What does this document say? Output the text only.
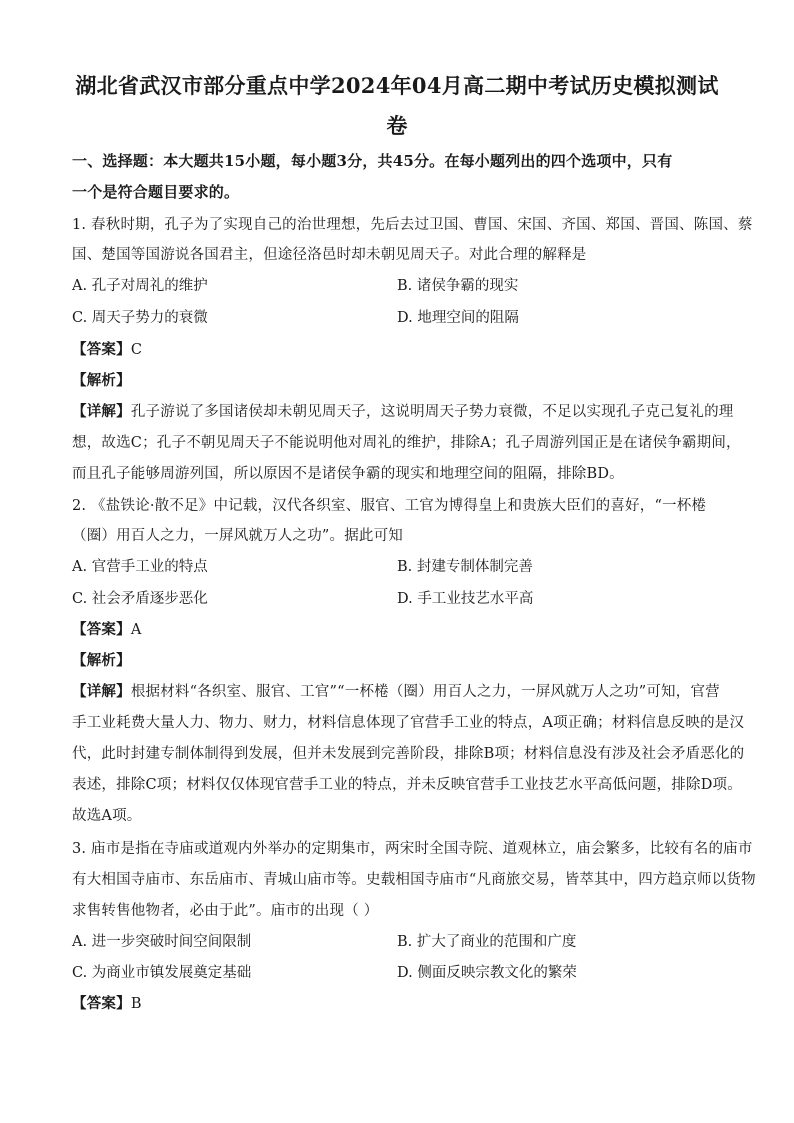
湖北省武汉市部分重点中学2024年04月高二期中考试历史模拟测试
卷
一、选择题：本大题共15小题，每小题3分，共45分。在每小题列出的四个选项中，只有
一个是符合题目要求的。
1. 春秋时期，孔子为了实现自己的治世理想，先后去过卫国、曹国、宋国、齐国、郑国、晋国、陈国、蔡
国、楚国等国游说各国君主，但途径洛邑时却未朝见周天子。对此合理的解释是
A. 孔子对周礼的维护	B. 诸侯争霸的现实
C. 周天子势力的衰微	D. 地理空间的阻隔
【答案】C
【解析】
【详解】孔子游说了多国诸侯却未朝见周天子，这说明周天子势力衰微，不足以实现孔子克己复礼的理
想，故选C；孔子不朝见周天子不能说明他对周礼的维护，排除A；孔子周游列国正是在诸侯争霸期间，
而且孔子能够周游列国，所以原因不是诸侯争霸的现实和地理空间的阻隔，排除BD。
2. 《盐铁论·散不足》中记载，汉代各织室、服官、工官为博得皇上和贵族大臣们的喜好，“一杯棬
（圈）用百人之力，一屏风就万人之功”。据此可知
A. 官营手工业的特点	B. 封建专制体制完善
C. 社会矛盾逐步恶化	D. 手工业技艺水平高
【答案】A
【解析】
【详解】根据材料“各织室、服官、工官”“一杯棬（圈）用百人之力，一屏风就万人之功”可知，官营
手工业耗费大量人力、物力、财力，材料信息体现了官营手工业的特点，A项正确；材料信息反映的是汉
代，此时封建专制体制得到发展，但并未发展到完善阶段，排除B项；材料信息没有涉及社会矛盾恶化的
表述，排除C项；材料仅仅体现官营手工业的特点，并未反映官营手工业技艺水平高低问题，排除D项。
故选A项。
3. 庙市是指在寺庙或道观内外举办的定期集市，两宋时全国寺院、道观林立，庙会繁多，比较有名的庙市
有大相国寺庙市、东岳庙市、青城山庙市等。史载相国寺庙市“凡商旅交易，皆萃其中，四方趋京师以货物
求售转售他物者，必由于此”。庙市的出现（ ）
A. 进一步突破时间空间限制	B. 扩大了商业的范围和广度
C. 为商业市镇发展奠定基础	D. 侧面反映宗教文化的繁荣
【答案】B
